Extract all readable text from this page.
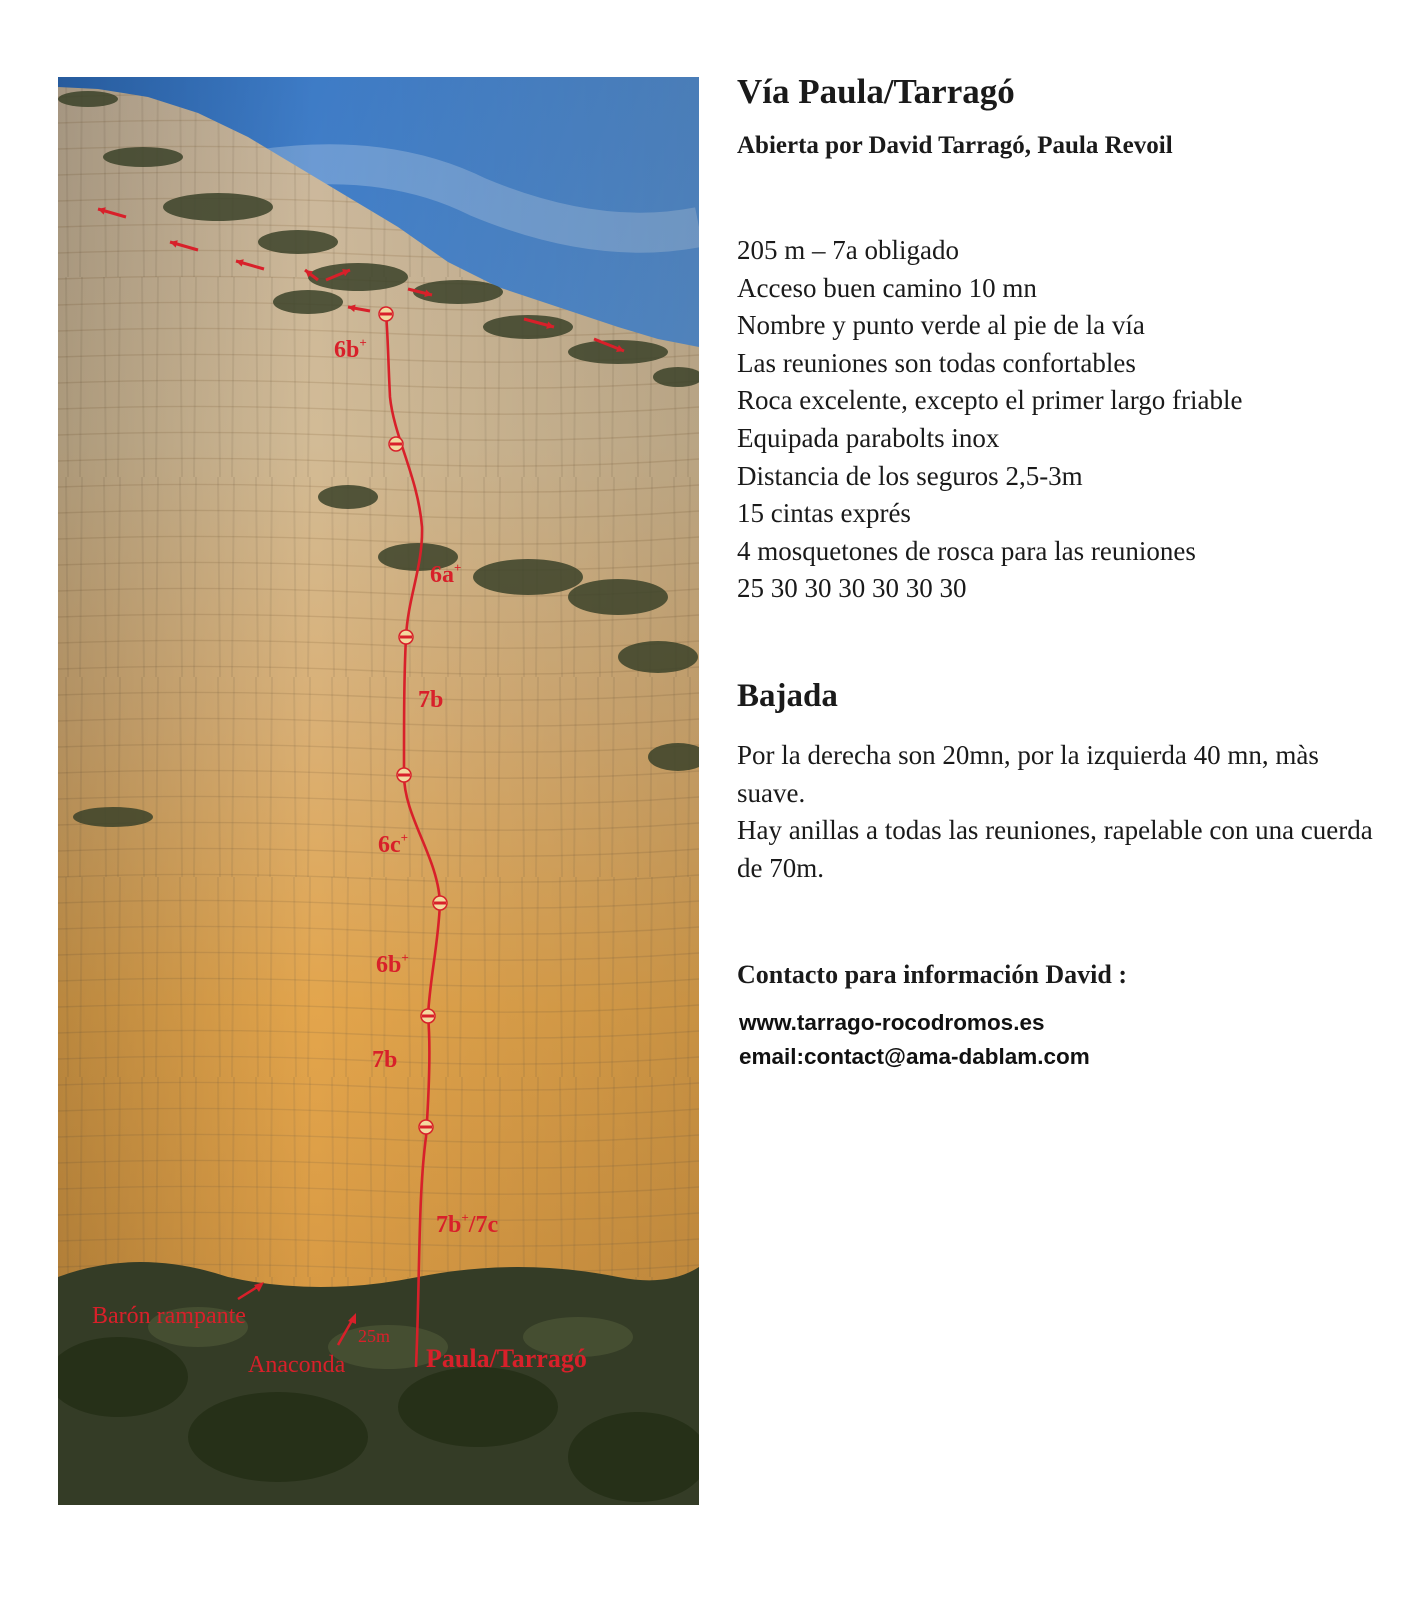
6b+
6a+
7b
6c+
6b+
7b
7b+/7c
Barón rampante
Anaconda
25m
Paula/Tarragó
Vía Paula/Tarragó
Abierta por David Tarragó, Paula Revoil
205 m – 7a obligado
Acceso buen camino 10 mn
Nombre y punto verde al pie de la vía
Las reuniones son todas confortables
Roca excelente, excepto el primer largo friable
Equipada parabolts inox
Distancia de los seguros 2,5-3m
15 cintas exprés
4 mosquetones de rosca para las reuniones
25 30 30 30 30 30 30
Bajada

Por la derecha son 20mn, por la izquierda 40 mn, màs suave.

Hay anillas a todas las reuniones, rapelable con una cuerda de 70m.

Contacto para información David :
www.tarrago-rocodromos.es
email:contact@ama-dablam.com
